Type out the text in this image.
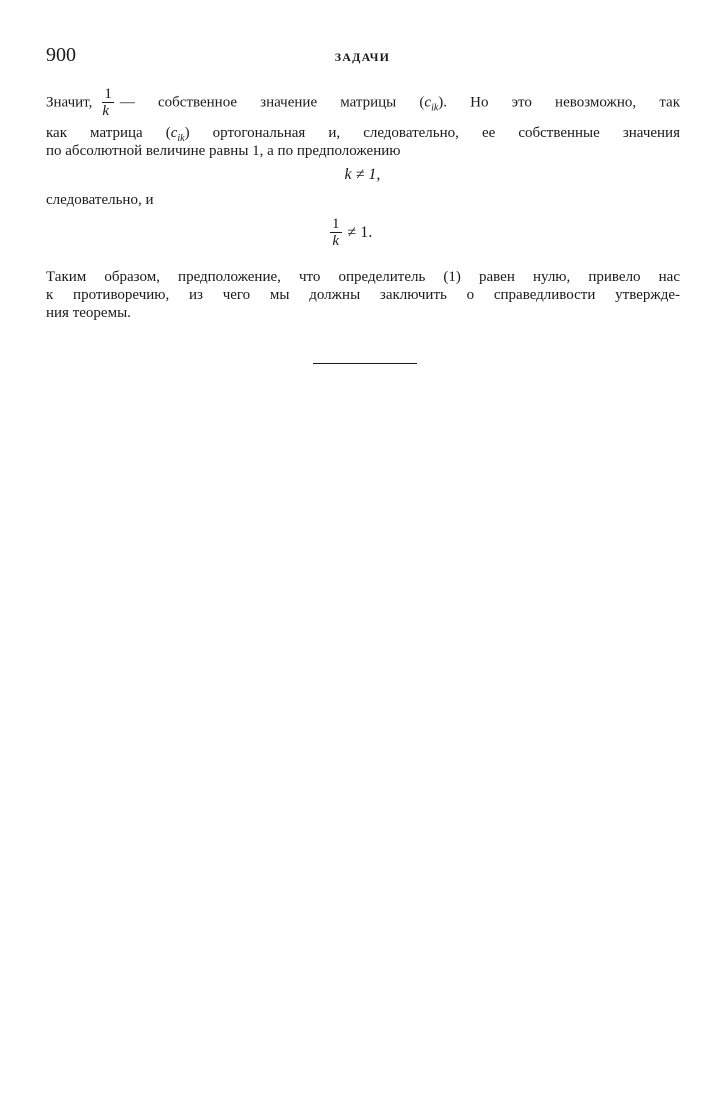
900	ЗАДАЧИ
Значит, $\frac{1}{k}$ — собственное значение матрицы $(c_{ik})$. Но это невозможно, так
как матрица $(c_{ik})$ ортогональная и, следовательно, ее собственные значения
по абсолютной величине равны 1, а по предположению
k ≠ 1,
следовательно, и
$\frac{1}{k} \ne 1$.
Таким образом, предположение, что определитель (1) равен нулю, привело нас
к противоречию, из чего мы должны заключить о справедливости утвержде-
ния теоремы.
